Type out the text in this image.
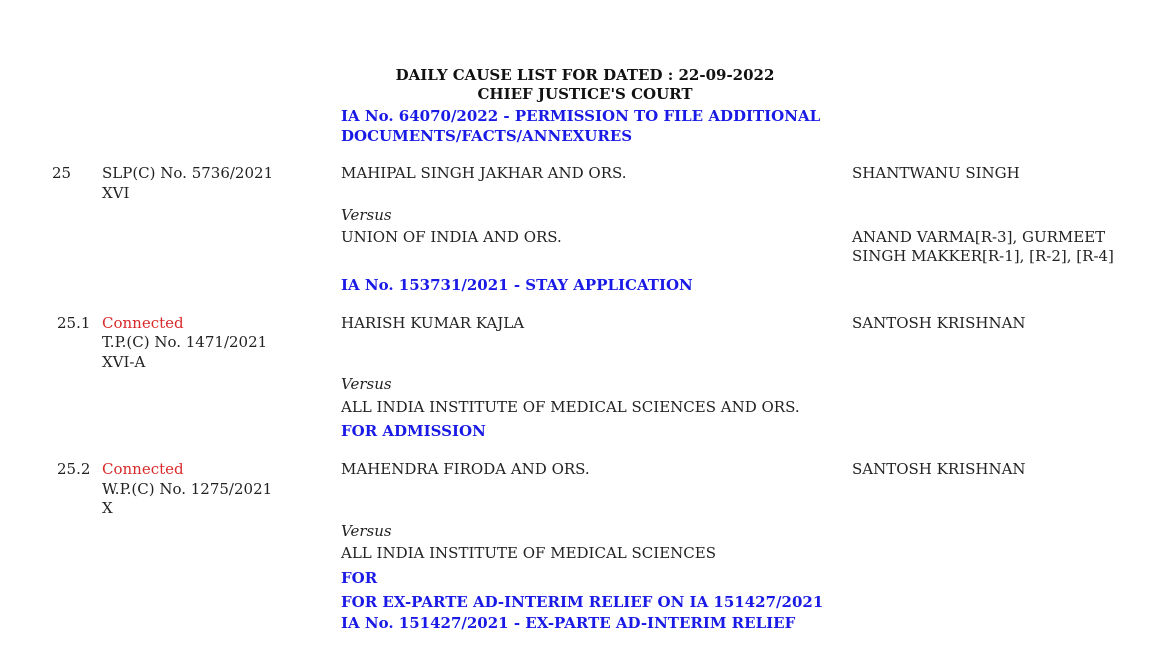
DAILY CAUSE LIST FOR DATED : 22-09-2022
CHIEF JUSTICE'S COURT
IA No. 64070/2022 - PERMISSION TO FILE ADDITIONAL DOCUMENTS/FACTS/ANNEXURES
25 SLP(C) No. 5736/2021
XVI
MAHIPAL SINGH JAKHAR AND ORS.	SHANTWANU SINGH
Versus
UNION OF INDIA AND ORS.	ANAND VARMA[R-3], GURMEET
SINGH MAKKER[R-1], [R-2], [R-4]
IA No. 153731/2021 - STAY APPLICATION
25.1 Connected
T.P.(C) No. 1471/2021
XVI-A
HARISH KUMAR KAJLA	SANTOSH KRISHNAN
Versus
ALL INDIA INSTITUTE OF MEDICAL SCIENCES AND ORS.
FOR ADMISSION
25.2 Connected
W.P.(C) No. 1275/2021
X
MAHENDRA FIRODA AND ORS.	SANTOSH KRISHNAN
Versus
ALL INDIA INSTITUTE OF MEDICAL SCIENCES
FOR
FOR EX-PARTE AD-INTERIM RELIEF ON IA 151427/2021
IA No. 151427/2021 - EX-PARTE AD-INTERIM RELIEF
